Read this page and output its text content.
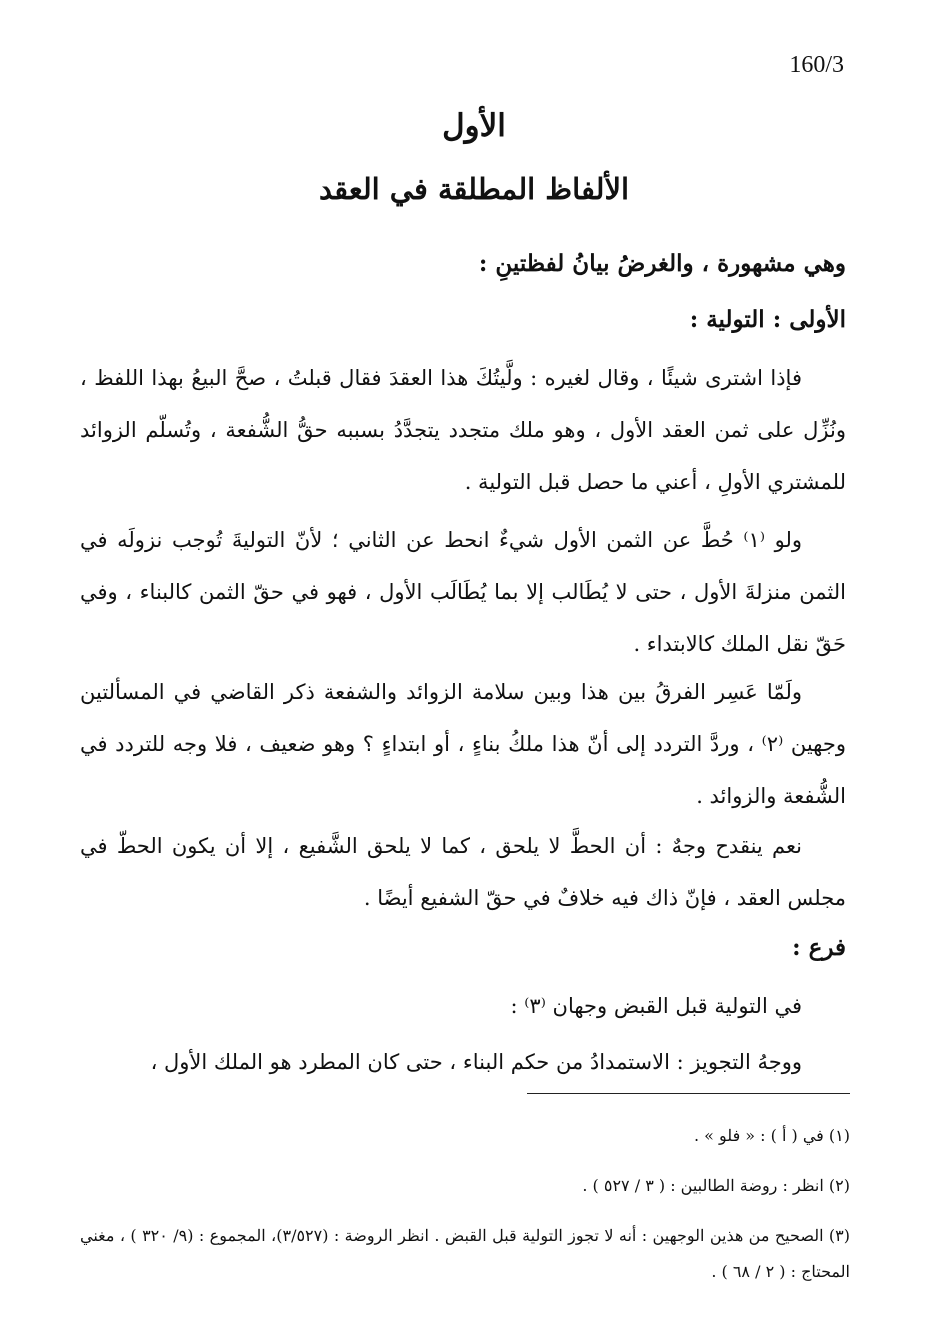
160/3
الأول
الألفاظ المطلقة في العقد
وهي مشهورة ، والغرضُ بيانُ لفظتينِ :
الأولى : التولية :
فإذا اشترى شيئًا ، وقال لغيره : ولَّيتُكَ هذا العقدَ فقال قبلتُ ، صحَّ البيعُ بهذا اللفظ ، ونُزِّل على ثمن العقد الأول ، وهو ملك متجدد يتجدَّدُ بسببه حقُّ الشُّفعة ، وتُسلّم الزوائد للمشتري الأولِ ، أعني ما حصل قبل التولية .
ولو ⁽١⁾ حُطَّ عن الثمن الأول شيءٌ انحط عن الثاني ؛ لأنّ التوليةَ تُوجب نزولَه في الثمن منزلةَ الأول ، حتى لا يُطَالب إلا بما يُطَالَب الأول ، فهو في حقّ الثمن كالبناء ، وفي حَقّ نقل الملك كالابتداء .
ولَمّا عَسِر الفرقُ بين هذا وبين سلامة الزوائد والشفعة ذكر القاضي في المسألتين وجهين ⁽٢⁾ ، وردَّ التردد إلى أنّ هذا ملكُ بناءٍ ، أو ابتداءٍ ؟ وهو ضعيف ، فلا وجه للتردد في الشُّفعة والزوائد .
نعم ينقدح وجهٌ : أن الحطَّ لا يلحق ، كما لا يلحق الشَّفيع ، إلا أن يكون الحطّ في مجلس العقد ، فإنّ ذاك فيه خلافٌ في حقّ الشفيع أيضًا .
فرع :
في التولية قبل القبض وجهان ⁽٣⁾ :
ووجهُ التجويز : الاستمدادُ من حكم البناء ، حتى كان المطرد هو الملك الأول ،
(١) في ( أ ) : « فلو » .
(٢) انظر : روضة الطالبين : ( ٣ / ٥٢٧ ) .
(٣) الصحيح من هذين الوجهين : أنه لا تجوز التولية قبل القبض . انظر الروضة : (٣/٥٢٧)، المجموع : (٩/ ٣٢٠ ) ، مغني المحتاج : ( ٢ / ٦٨ ) .
